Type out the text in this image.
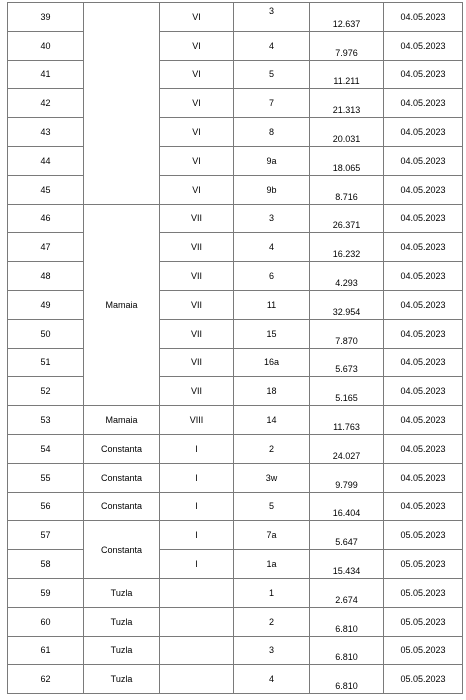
39		VI	3	12.637	04.05.2023
40		VI	4	7.976	04.05.2023
41		VI	5	11.211	04.05.2023
42		VI	7	21.313	04.05.2023
43		VI	8	20.031	04.05.2023
44		VI	9a	18.065	04.05.2023
45		VI	9b	8.716	04.05.2023
46	Mamaia	VII	3	26.371	04.05.2023
47		VII	4	16.232	04.05.2023
48		VII	6	4.293	04.05.2023
49		VII	11	32.954	04.05.2023
50		VII	15	7.870	04.05.2023
51		VII	16a	5.673	04.05.2023
52		VII	18	5.165	04.05.2023
53	Mamaia	VIII	14	11.763	04.05.2023
54	Constanta	I	2	24.027	04.05.2023
55	Constanta	I	3w	9.799	04.05.2023
56	Constanta	I	5	16.404	04.05.2023
57	Constanta	I	7a	5.647	05.05.2023
58		I	1a	15.434	05.05.2023
59	Tuzla		1	2.674	05.05.2023
60	Tuzla		2	6.810	05.05.2023
61	Tuzla		3	6.810	05.05.2023
62	Tuzla		4	6.810	05.05.2023
